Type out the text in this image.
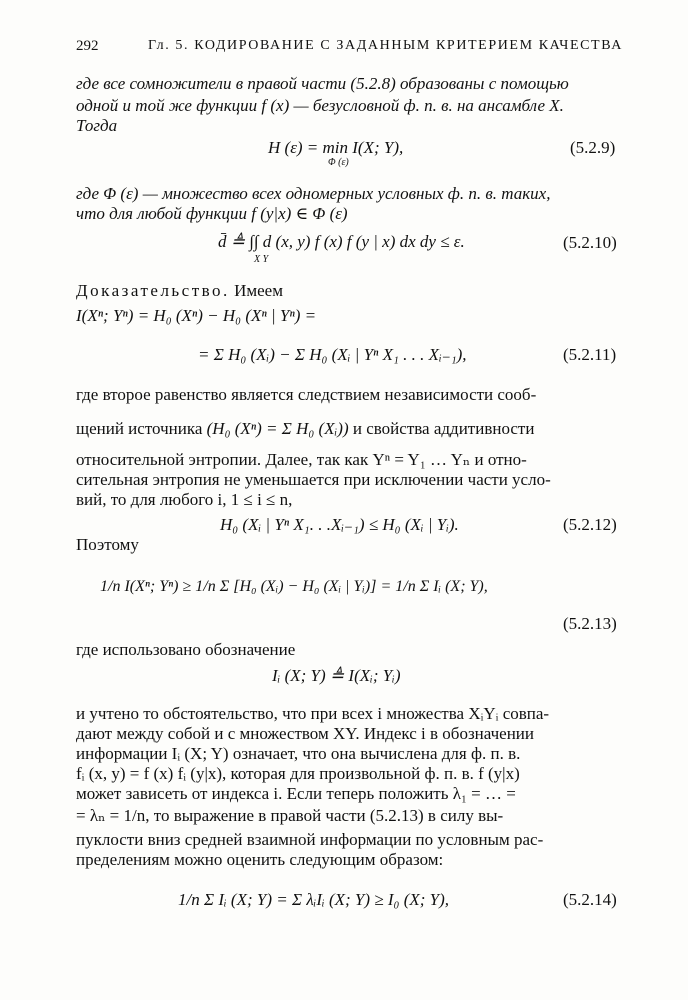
292	Гл. 5. КОДИРОВАНИЕ С ЗАДАННЫМ КРИТЕРИЕМ КАЧЕСТВА
где все сомножители в правой части (5.2.8) образованы с помощью
одной и той же функции f (x) — безусловной ф. п. в. на ансамбле X.
Тогда
H (ε) = min I(X; Y),
Φ (ε)
(5.2.9)
где Φ (ε) — множество всех одномерных условных ф. п. в. таких,
что для любой функции f (y|x) ∈ Φ (ε)
d̄ ≜ ∫∫ d (x, y) f (x) f (y | x) dx dy ≤ ε.
X Y
(5.2.10)
Доказательство. Имеем
I(Xⁿ; Yⁿ) = H₀ (Xⁿ) − H₀ (Xⁿ | Yⁿ) =
= Σ H₀ (Xᵢ) − Σ H₀ (Xᵢ | Yⁿ X₁ . . . Xᵢ₋₁),	(5.2.11)
где второе равенство является следствием независимости сооб-
щений источника (H₀ (Xⁿ) = Σ H₀ (Xᵢ)) и свойства аддитивности
относительной энтропии. Далее, так как Yⁿ = Y₁ … Yₙ и отно-
сительная энтропия не уменьшается при исключении части усло-
вий, то для любого i, 1 ≤ i ≤ n,
H₀ (Xᵢ | Yⁿ X₁. . .Xᵢ₋₁) ≤ H₀ (Xᵢ | Yᵢ).	(5.2.12)
Поэтому
1/n I(Xⁿ; Yⁿ) ≥ 1/n Σ [H₀ (Xᵢ) − H₀ (Xᵢ | Yᵢ)] = 1/n Σ Iᵢ (X; Y),
(5.2.13)
где использовано обозначение
Iᵢ (X; Y) ≜ I(Xᵢ; Yᵢ)
и учтено то обстоятельство, что при всех i множества XᵢYᵢ совпа-
дают между собой и с множеством XY. Индекс i в обозначении
информации Iᵢ (X; Y) означает, что она вычислена для ф. п. в.
fᵢ (x, y) = f (x) fᵢ (y|x), которая для произвольной ф. п. в. f (y|x)
может зависеть от индекса i. Если теперь положить λ₁ = … =
= λₙ = 1/n, то выражение в правой части (5.2.13) в силу вы-
пуклости вниз средней взаимной информации по условным рас-
пределениям можно оценить следующим образом:
1/n Σ Iᵢ (X; Y) = Σ λᵢIᵢ (X; Y) ≥ I₀ (X; Y),	(5.2.14)
